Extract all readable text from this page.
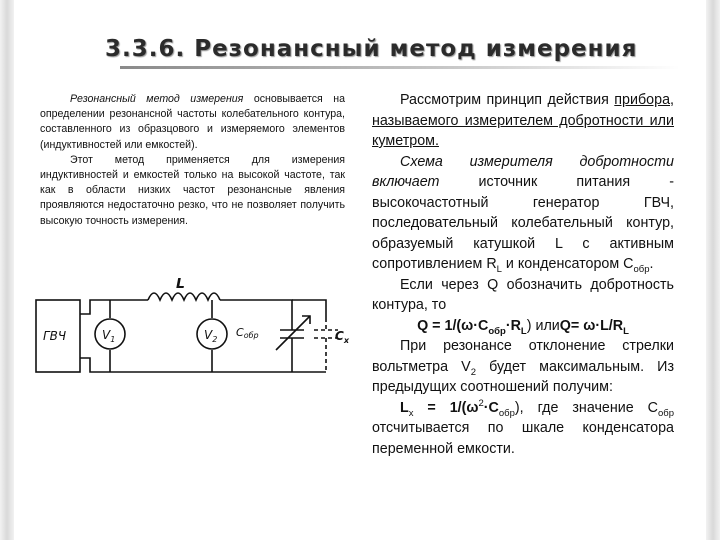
3.3.6. Резонансный метод измерения

Резонансный метод измерения основывается на определении резонансной частоты колебательного контура, составленного из образцового и измеряемого элементов (индуктивностей или емкостей).

Этот метод применяется для измерения индуктивностей и емкостей только на высокой частоте, так как в области низких частот резонансные явления проявляются недостаточно резко, что не позволяет получить высокую точность измерения.

ГВЧ
L
$V_1$	$V_2$
Cобр	$C_x$

Рассмотрим принцип действия прибора, называемого измерителем добротности или куметром.

Схема измерителя добротности включает источник питания - высокочастотный генератор ГВЧ, последовательный колебательный контур, образуемый катушкой L с активным сопротивлением $R_L$ и конденсатором $C_{обр}$.

Если через Q обозначить добротность контура, то

$Q = 1/(\omega\cdot C_{обр}\cdot R_L)$ илиQ= $\omega\cdot L/R_L$

При резонансе отклонение стрелки вольтметра $V_2$ будет максимальным. Из предыдущих соотношений получим:

$L_x = 1/(\omega^2\cdot C_{обр})$, где значение $C_{обр}$ отсчитывается по шкале конденсатора переменной емкости.
